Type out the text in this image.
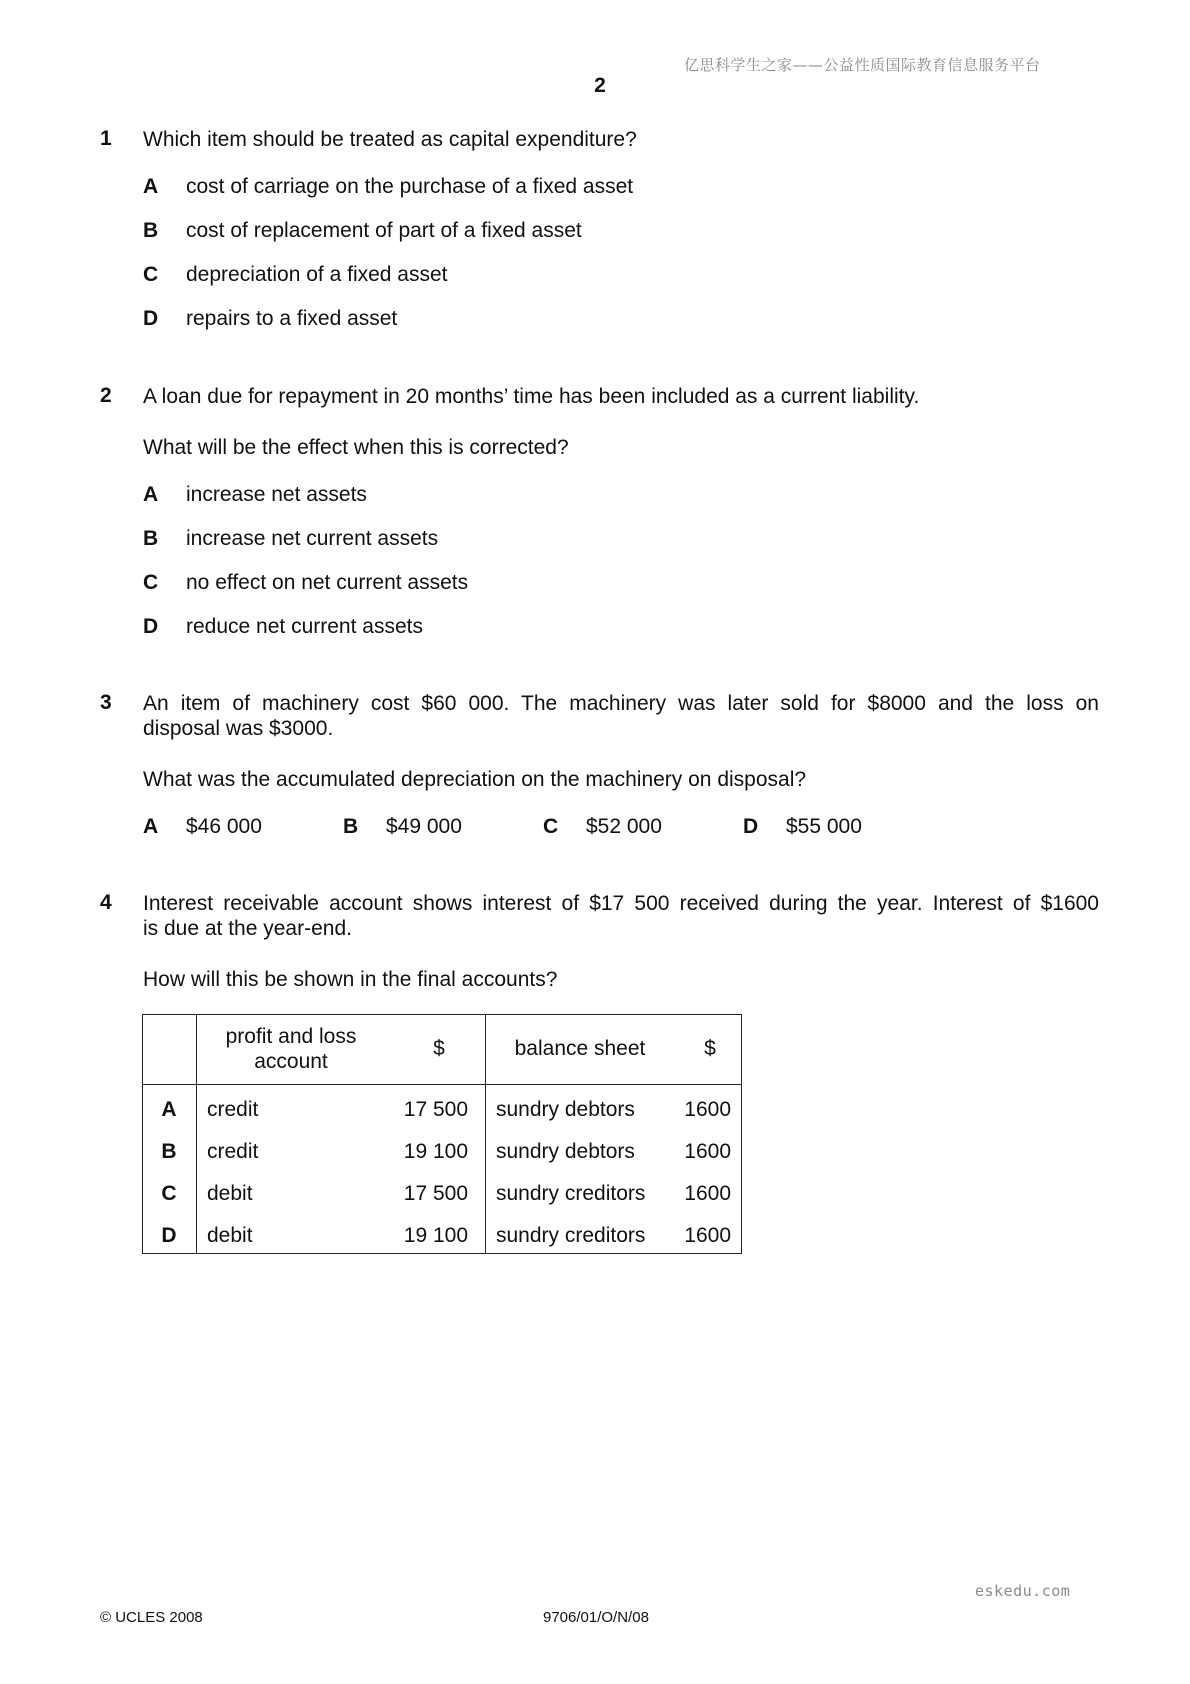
亿思科学生之家——公益性质国际教育信息服务平台
2
1 Which item should be treated as capital expenditure?
A cost of carriage on the purchase of a fixed asset
B cost of replacement of part of a fixed asset
C depreciation of a fixed asset
D repairs to a fixed asset
2 A loan due for repayment in 20 months’ time has been included as a current liability.
What will be the effect when this is corrected?
A increase net assets
B increase net current assets
C no effect on net current assets
D reduce net current assets
3 An item of machinery cost $60 000. The machinery was later sold for $8000 and the loss on
disposal was $3000.
What was the accumulated depreciation on the machinery on disposal?
A $46 000	B $49 000	C $52 000	D $55 000
4 Interest receivable account shows interest of $17 500 received during the year. Interest of $1600
is due at the year-end.
How will this be shown in the final accounts?
profit and loss
account
$	balance sheet	$
A	credit	17 500 sundry debtors 1600
B	credit	19 100 sundry debtors 1600
C	debit	17 500 sundry creditors 1600
D	debit	19 100 sundry creditors 1600
eskedu.com
© UCLES 2008	9706/01/O/N/08
